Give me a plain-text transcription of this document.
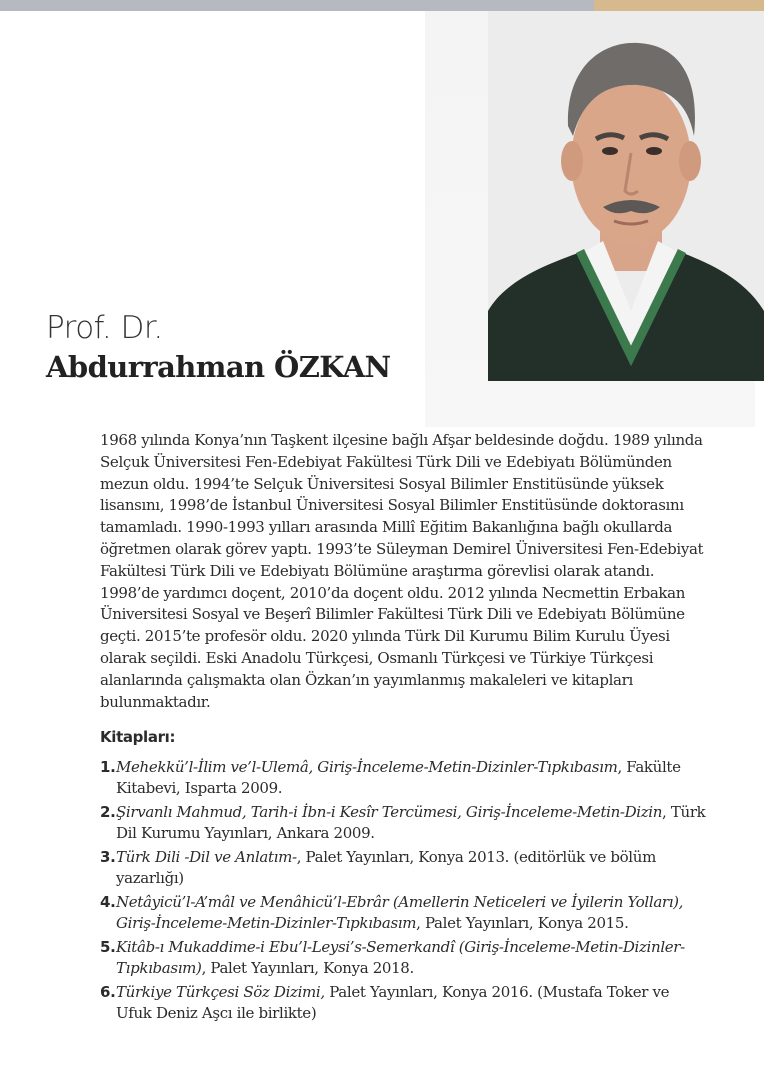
Prof. Dr.
Abdurrahman ÖZKAN

1968 yılında Konya’nın Taşkent ilçesine bağlı Afşar beldesinde doğdu. 1989 yılında Selçuk Üniversitesi Fen-Edebiyat Fakültesi Türk Dili ve Edebiyatı Bölümünden mezun oldu. 1994’te Selçuk Üniversitesi Sosyal Bilimler Enstitüsünde yüksek lisansını, 1998’de İstanbul Üniversitesi Sosyal Bilimler Enstitüsünde doktorasını tamamladı. 1990-1993 yılları arasında Millî Eğitim Bakanlığına bağlı okullarda öğretmen olarak görev yaptı. 1993’te Süleyman Demirel Üniversitesi Fen-Edebiyat Fakültesi Türk Dili ve Edebiyatı Bölümüne araştırma görevlisi olarak atandı. 1998’de yardımcı doçent, 2010’da doçent oldu. 2012 yılında Necmettin Erbakan Üniversitesi Sosyal ve Beşerî Bilimler Fakültesi Türk Dili ve Edebiyatı Bölümüne geçti. 2015’te profesör oldu. 2020 yılında Türk Dil Kurumu Bilim Kurulu Üyesi olarak seçildi. Eski Anadolu Türkçesi, Osmanlı Türkçesi ve Türkiye Türkçesi alanlarında çalışmakta olan Özkan’ın yayımlanmış makaleleri ve kitapları bulunmaktadır.

Kitapları:

1. Mehekkü’l-İlim ve’l-Ulemâ, Giriş-İnceleme-Metin-Dizinler-Tıpkıbasım, Fakülte Kitabevi, Isparta 2009.
2. Şirvanlı Mahmud, Tarih-i İbn-i Kesîr Tercümesi, Giriş-İnceleme-Metin-Dizin, Türk Dil Kurumu Yayınları, Ankara 2009.
3. Türk Dili -Dil ve Anlatım-, Palet Yayınları, Konya 2013. (editörlük ve bölüm yazarlığı)
4. Netâyicü’l-A’mâl ve Menâhicü’l-Ebrâr (Amellerin Neticeleri ve İyilerin Yolları), Giriş-İnceleme-Metin-Dizinler-Tıpkıbasım, Palet Yayınları, Konya 2015.
5. Kitâb-ı Mukaddime-i Ebu’l-Leysi’s-Semerkandî (Giriş-İnceleme-Metin-Dizinler-Tıpkıbasım), Palet Yayınları, Konya 2018.
6. Türkiye Türkçesi Söz Dizimi, Palet Yayınları, Konya 2016. (Mustafa Toker ve Ufuk Deniz Aşcı ile birlikte)
